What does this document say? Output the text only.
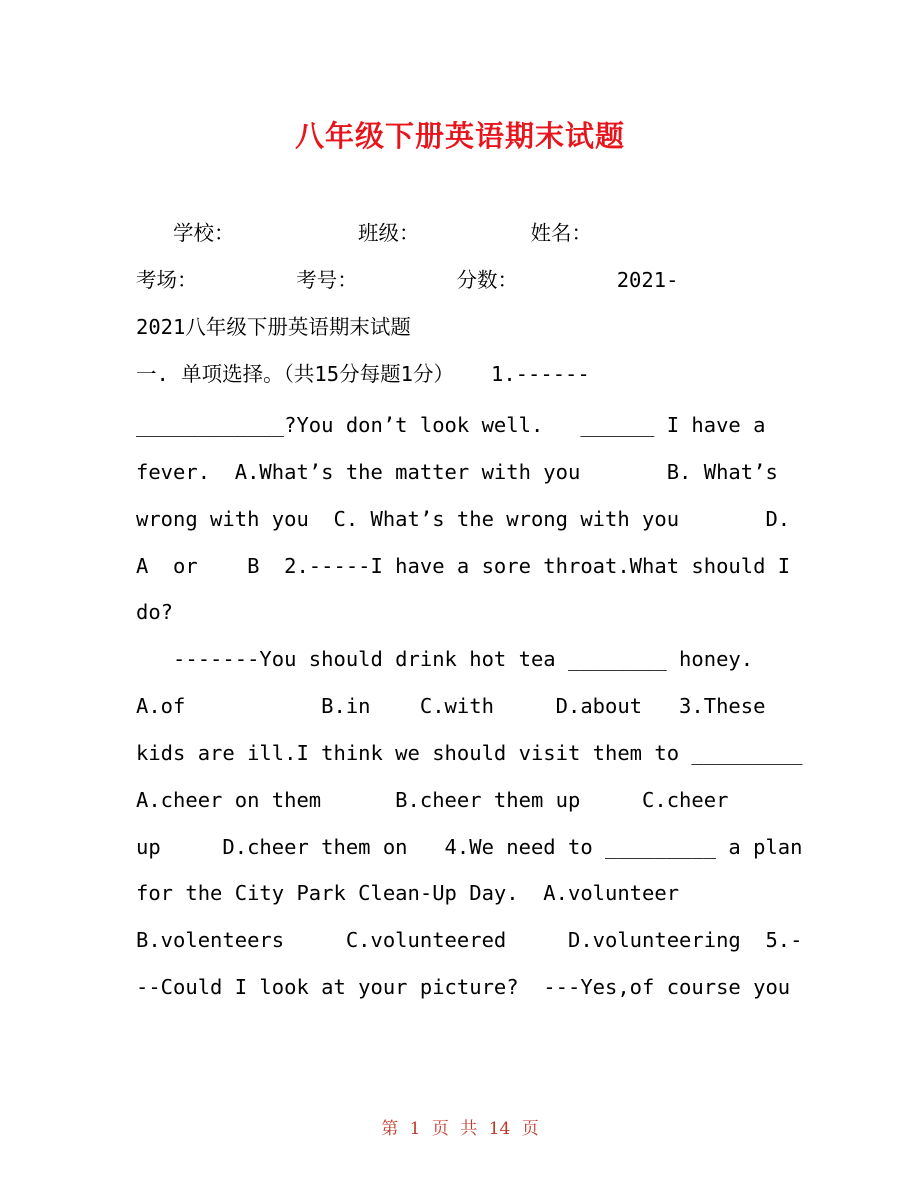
八年级下册英语期末试题
学校：          班级：         姓名：
考场：        考号：        分数：        2021-
2021八年级下册英语期末试题
一. 单项选择。（共15分每题1分）   1.------
____________?You don’t look well.   ______ I have a
fever.  A.What’s the matter with you       B. What’s
wrong with you  C. What’s the wrong with you       D.
A  or    B  2.-----I have a sore throat.What should I
do?
-------You should drink hot tea ________ honey.
A.of           B.in    C.with     D.about   3.These
kids are ill.I think we should visit them to _________
A.cheer on them      B.cheer them up     C.cheer
up     D.cheer them on   4.We need to _________ a plan
for the City Park Clean-Up Day.  A.volunteer
B.volenteers     C.volunteered     D.volunteering  5.-
--Could I look at your picture?  ---Yes,of course you
第 1 页 共 14 页
